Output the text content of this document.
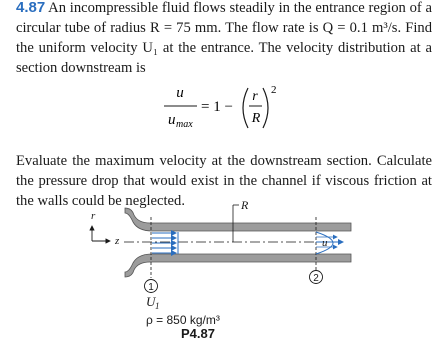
4.87 An incompressible fluid flows steadily in the entrance region of a circular tube of radius R = 75 mm. The flow rate is Q = 0.1 m³/s. Find the uniform velocity U₁ at the entrance. The velocity distribution at a section downstream is
u
u max
= 1 −
r
R
2
Evaluate the maximum velocity at the downstream section. Calculate the pressure drop that would exist in the channel if viscous friction at the walls could be neglected.
u
R
r
z
1
2
U 1
ρ = 850 kg/m³
P4.87
